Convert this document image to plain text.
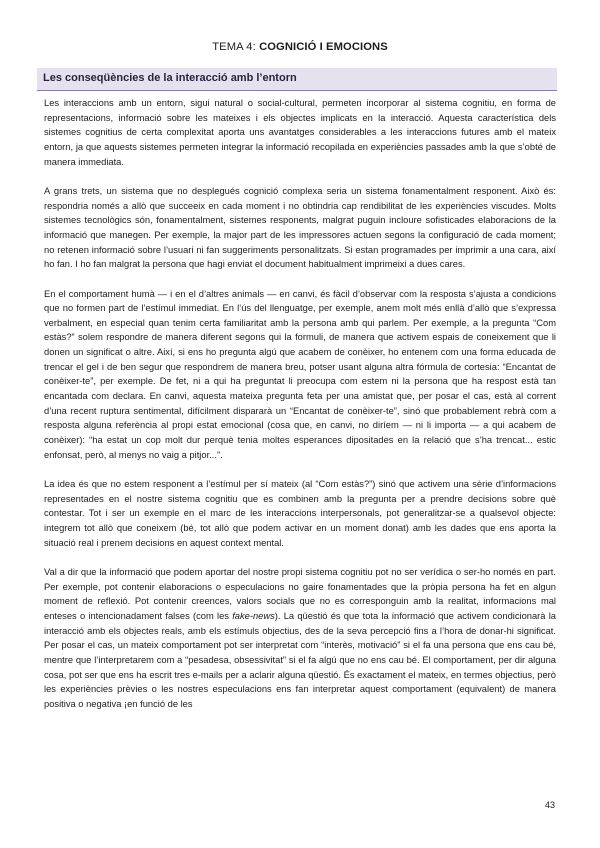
TEMA 4: COGNICIÓ I EMOCIONS
Les conseqüències de la interacció amb l’entorn

Les interaccions amb un entorn, sigui natural o social-cultural, permeten incorporar al sistema cognitiu, en forma de representacions, informació sobre les mateixes i els objectes implicats en la interacció. Aquesta característica dels sistemes cognitius de certa complexitat aporta uns avantatges considerables a les interaccions futures amb el mateix entorn, ja que aquests sistemes permeten integrar la informació recopilada en experiències passades amb la que s’obté de manera immediata.

A grans trets, un sistema que no desplegués cognició complexa seria un sistema fonamentalment responent. Això és: respondria només a allò que succeeix en cada moment i no obtindria cap rendibilitat de les experiències viscudes. Molts sistemes tecnològics són, fonamentalment, sistemes responents, malgrat puguin incloure sofisticades elaboracions de la informació que manegen. Per exemple, la major part de les impressores actuen segons la configuració de cada moment; no retenen informació sobre l’usuari ni fan suggeriments personalitzats. Si estan programades per imprimir a una cara, així ho fan. I ho fan malgrat la persona que hagi enviat el document habitualment imprimeixi a dues cares.

En el comportament humà — i en el d’altres animals — en canvi, és fàcil d’observar com la resposta s’ajusta a condicions que no formen part de l’estímul immediat. En l’ús del llenguatge, per exemple, anem molt més enllà d’allò que s’expressa verbalment, en especial quan tenim certa familiaritat amb la persona amb qui parlem. Per exemple, a la pregunta “Com estàs?” solem respondre de manera diferent segons qui la formuli, de manera que activem espais de coneixement que li donen un significat o altre. Així, si ens ho pregunta algú que acabem de conèixer, ho entenem com una forma educada de trencar el gel i de ben segur que respondrem de manera breu, potser usant alguna altra fórmula de cortesia: “Encantat de conèixer-te”, per exemple. De fet, ni a qui ha preguntat li preocupa com estem ni la persona que ha respost està tan encantada com declara. En canvi, aquesta mateixa pregunta feta per una amistat que, per posar el cas, està al corrent d’una recent ruptura sentimental, difícilment dispararà un “Encantat de conèixer-te”, sinó que probablement rebrà com a resposta alguna referència al propi estat emocional (cosa que, en canvi, no diríem — ni li importa — a qui acabem de conèixer): “ha estat un cop molt dur perquè tenia moltes esperances dipositades en la relació que s’ha trencat... estic enfonsat, però, al menys no vaig a pitjor...”.

La idea és que no estem responent a l’estímul per sí mateix (al “Com estàs?”) sinó que activem una sèrie d’informacions representades en el nostre sistema cognitiu que es combinen amb la pregunta per a prendre decisions sobre què contestar. Tot i ser un exemple en el marc de les interaccions interpersonals, pot generalitzar-se a qualsevol objecte: integrem tot allò que coneixem (bé, tot allò que podem activar en un moment donat) amb les dades que ens aporta la situació real i prenem decisions en aquest context mental.

Val a dir que la informació que podem aportar del nostre propi sistema cognitiu pot no ser verídica o ser-ho només en part. Per exemple, pot contenir elaboracions o especulacions no gaire fonamentades que la pròpia persona ha fet en algun moment de reflexió. Pot contenir creences, valors socials que no es corresponguin amb la realitat, informacions mal enteses o intencionadament falses (com les fake-news). La qüestió és que tota la informació que activem condicionarà la interacció amb els objectes reals, amb els estímuls objectius, des de la seva percepció fins a l’hora de donar-hi significat. Per posar el cas, un mateix comportament pot ser interpretat com “interès, motivació” si el fa una persona que ens cau bé, mentre que l’interpretarem com a “pesadesa, obsessivitat” si el fa algú que no ens cau bé. El comportament, per dir alguna cosa, pot ser que ens ha escrit tres e-mails per a aclarir alguna qüestió. És exactament el mateix, en termes objectius, però les experiències prèvies o les nostres especulacions ens fan interpretar aquest comportament (equivalent) de manera positiva o negativa ¡en funció de les

43
